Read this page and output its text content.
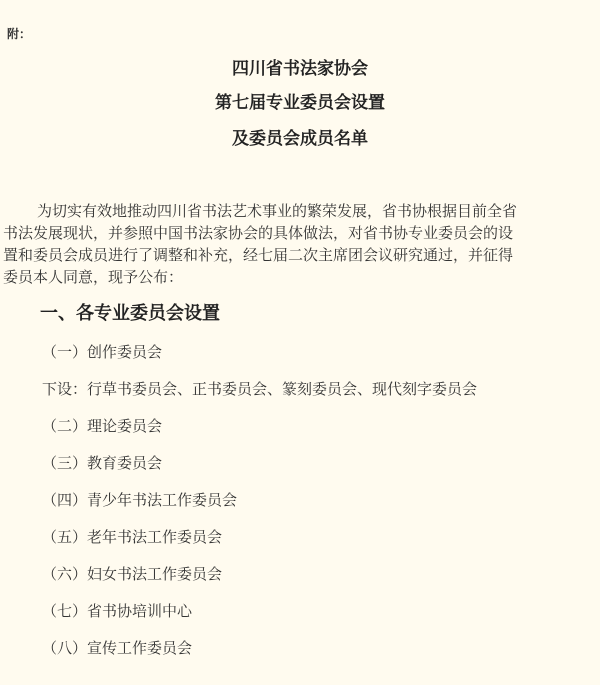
附：
四川省书法家协会
第七届专业委员会设置
及委员会成员名单
为切实有效地推动四川省书法艺术事业的繁荣发展，省书协根据目前全省
书法发展现状，并参照中国书法家协会的具体做法，对省书协专业委员会的设
置和委员会成员进行了调整和补充，经七届二次主席团会议研究通过，并征得
委员本人同意，现予公布：
一、各专业委员会设置
（一）创作委员会
下设：行草书委员会、正书委员会、篆刻委员会、现代刻字委员会
（二）理论委员会
（三）教育委员会
（四）青少年书法工作委员会
（五）老年书法工作委员会
（六）妇女书法工作委员会
（七）省书协培训中心
（八）宣传工作委员会
